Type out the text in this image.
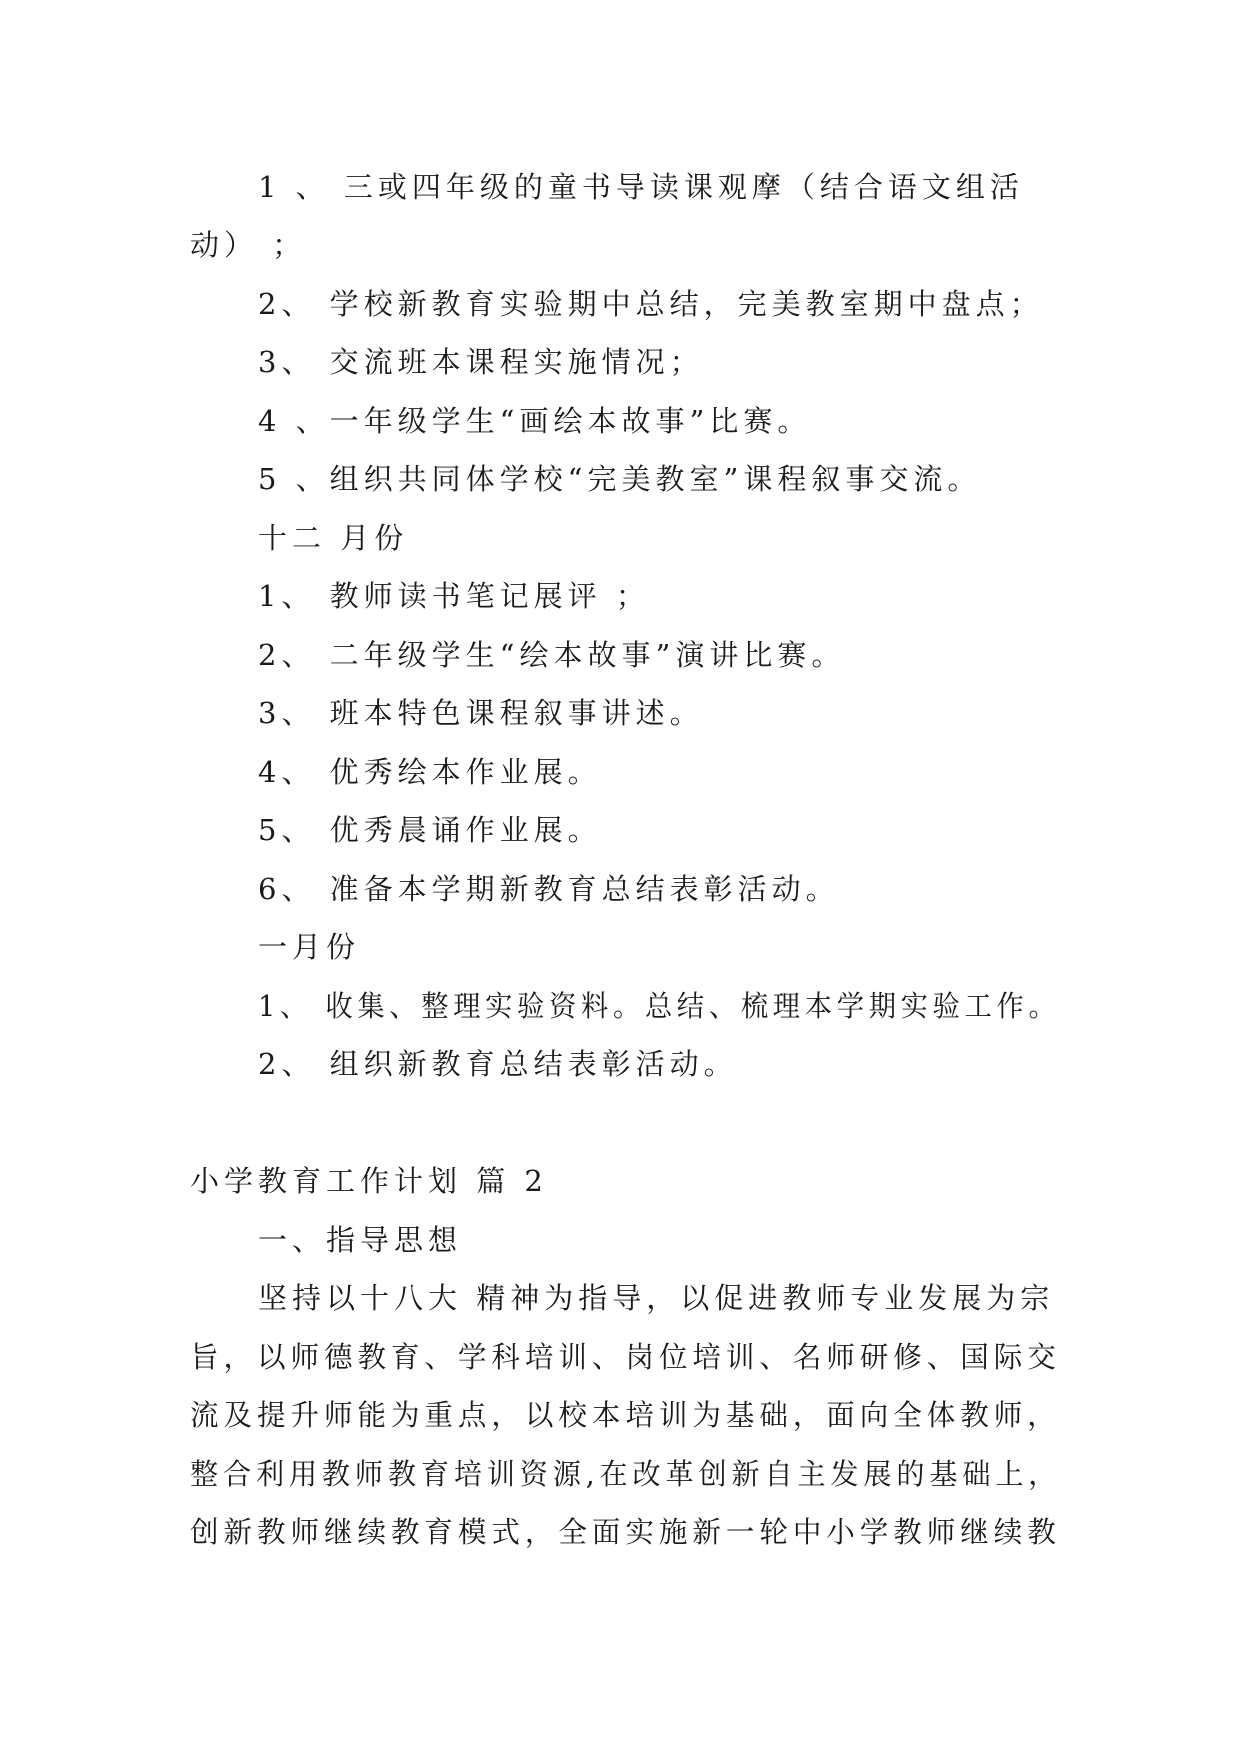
1 、 三或四年级的童书导读课观摩（结合语文组活
动） ；
2、 学校新教育实验期中总结，完美教室期中盘点；
3、 交流班本课程实施情况；
4 、一年级学生“画绘本故事”比赛。
5 、组织共同体学校“完美教室”课程叙事交流。
十二 月份
1、 教师读书笔记展评 ；
2、 二年级学生“绘本故事”演讲比赛。
3、 班本特色课程叙事讲述。
4、 优秀绘本作业展。
5、 优秀晨诵作业展。
6、 准备本学期新教育总结表彰活动。
一月份
1、 收集、整理实验资料。总结、梳理本学期实验工作。
2、 组织新教育总结表彰活动。
小学教育工作计划 篇 2
一、指导思想
坚持以十八大 精神为指导，以促进教师专业发展为宗
旨，以师德教育、学科培训、岗位培训、名师研修、国际交
流及提升师能为重点，以校本培训为基础，面向全体教师，
整合利用教师教育培训资源,在改革创新自主发展的基础上，
创新教师继续教育模式，全面实施新一轮中小学教师继续教
